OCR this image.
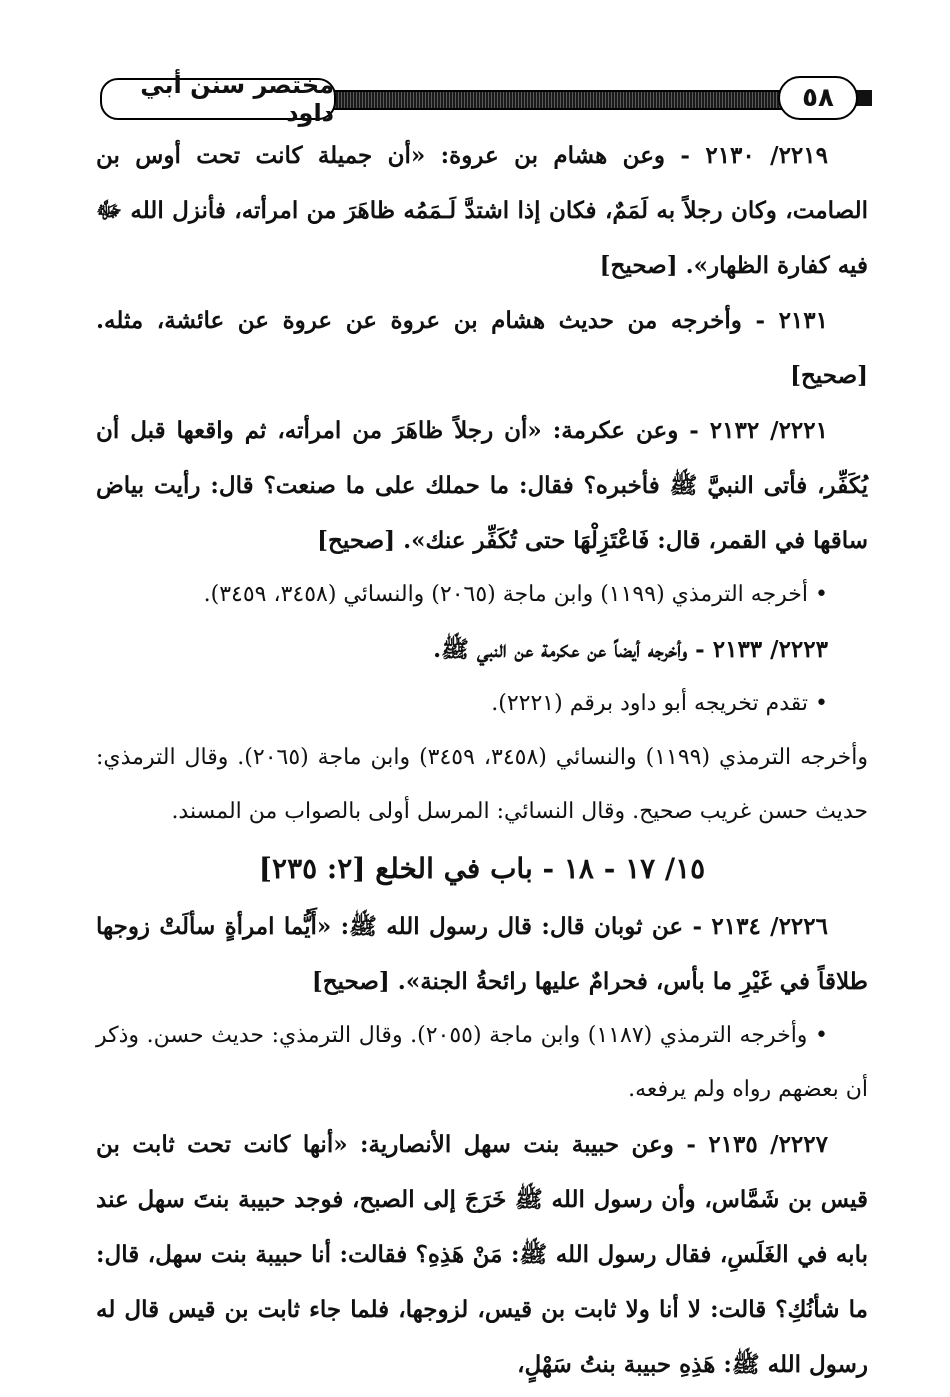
مختصر سنن أبي داود	٥٨

٢٢١٩/ ٢١٣٠ - وعن هشام بن عروة: «أن جميلة كانت تحت أوس بن الصامت، وكان رجلاً به لَمَمٌ، فكان إذا اشتدَّ لَـمَمُه ظاهَرَ من امرأته، فأنزل الله ﷻ فيه كفارة الظهار». [صحيح]

٢١٣١ - وأخرجه من حديث هشام بن عروة عن عروة عن عائشة، مثله. [صحيح]

٢٢٢١/ ٢١٣٢ - وعن عكرمة: «أن رجلاً ظاهَرَ من امرأته، ثم واقعها قبل أن يُكَفِّر، فأتى النبيَّ ﷺ فأخبره؟ فقال: ما حملك على ما صنعت؟ قال: رأيت بياض ساقها في القمر، قال: فَاعْتَزِلْهَا حتى تُكَفِّر عنك». [صحيح]

• أخرجه الترمذي (١١٩٩) وابن ماجة (٢٠٦٥) والنسائي (٣٤٥٨، ٣٤٥٩).

٢٢٢٣/ ٢١٣٣ - وأخرجه أيضاً عن عكرمة عن النبي ﷺ.

• تقدم تخريجه أبو داود برقم (٢٢٢١).

وأخرجه الترمذي (١١٩٩) والنسائي (٣٤٥٨، ٣٤٥٩) وابن ماجة (٢٠٦٥). وقال الترمذي: حديث حسن غريب صحيح. وقال النسائي: المرسل أولى بالصواب من المسند.

١٥/ ١٧ - ١٨ - باب في الخلع [٢: ٢٣٥]

٢٢٢٦/ ٢١٣٤ - عن ثوبان قال: قال رسول الله ﷺ: «أَيُّما امرأةٍ سألَتْ زوجها طلاقاً في غَيْرِ ما بأس، فحرامٌ عليها رائحةُ الجنة». [صحيح]

• وأخرجه الترمذي (١١٨٧) وابن ماجة (٢٠٥٥). وقال الترمذي: حديث حسن. وذكر أن بعضهم رواه ولم يرفعه.

٢٢٢٧/ ٢١٣٥ - وعن حبيبة بنت سهل الأنصارية: «أنها كانت تحت ثابت بن قيس بن شَمَّاس، وأن رسول الله ﷺ خَرَجَ إلى الصبح، فوجد حبيبة بنتَ سهل عند بابه في الغَلَسِ، فقال رسول الله ﷺ: مَنْ هَذِهِ؟ فقالت: أنا حبيبة بنت سهل، قال: ما شأنُكِ؟ قالت: لا أنا ولا ثابت بن قيس، لزوجها، فلما جاء ثابت بن قيس قال له رسول الله ﷺ: هَذِهِ حبيبة بنتُ سَهْلٍ،
